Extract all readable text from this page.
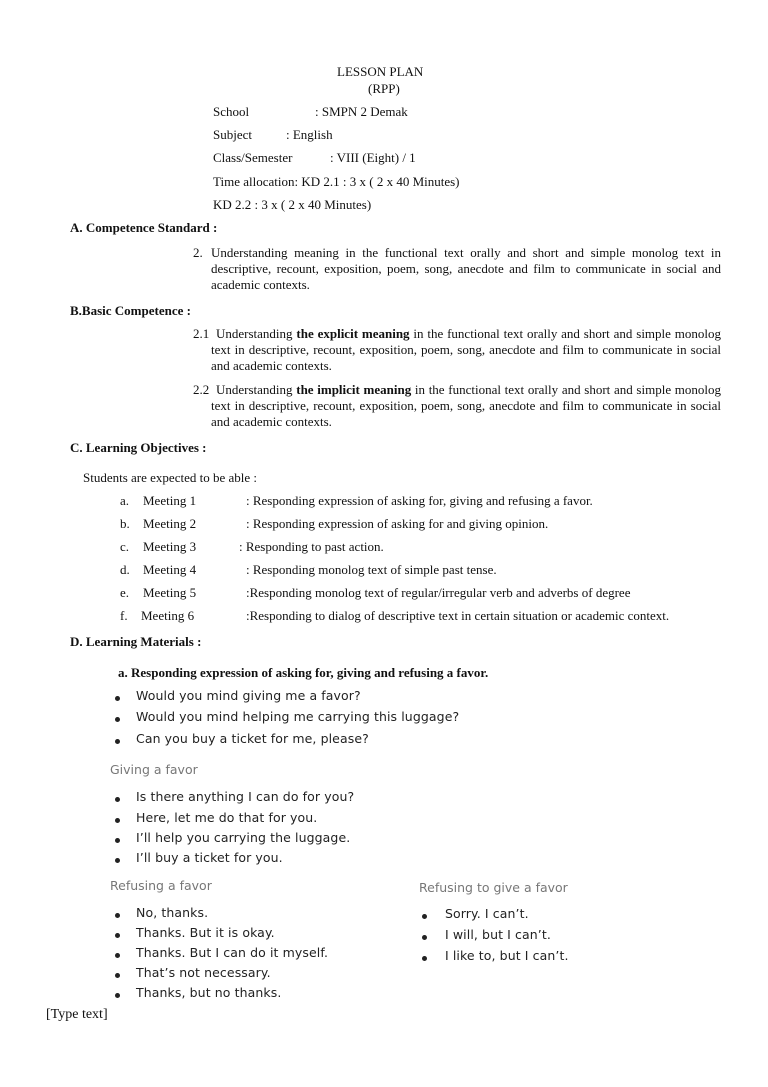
LESSON PLAN
(RPP)
School	: SMPN 2 Demak
Subject	: English
Class/Semester	: VIII (Eight) / 1
Time allocation: KD 2.1 : 3 x ( 2 x 40 Minutes)
KD 2.2 : 3 x ( 2 x 40 Minutes)
A. Competence Standard :
2. Understanding meaning in the functional text orally and short and simple monolog text in descriptive, recount, exposition, poem, song, anecdote and film to communicate in social and academic contexts.
B.Basic Competence :
2.1 Understanding the explicit meaning in the functional text orally and short and simple monolog text in descriptive, recount, exposition, poem, song, anecdote and film to communicate in social and academic contexts.
2.2 Understanding the implicit meaning in the functional text orally and short and simple monolog text in descriptive, recount, exposition, poem, song, anecdote and film to communicate in social and academic contexts.
C. Learning Objectives :
Students are expected to be able :
a. Meeting 1	: Responding expression of asking for, giving and refusing a favor.
b. Meeting 2	: Responding expression of asking for and giving opinion.
c. Meeting 3	: Responding to past action.
d. Meeting 4	: Responding monolog text of simple past tense.
e. Meeting 5	:Responding monolog text of regular/irregular verb and adverbs of degree
f. Meeting 6	:Responding to dialog of descriptive text in certain situation or academic context.
D. Learning Materials :
a. Responding expression of asking for, giving and refusing a favor.
Would you mind giving me a favor?
Would you mind helping me carrying this luggage?
Can you buy a ticket for me, please?
Giving a favor
Is there anything I can do for you?
Here, let me do that for you.
I’ll help you carrying the luggage.
I’ll buy a ticket for you.
Refusing a favor
No, thanks.
Thanks. But it is okay.
Thanks. But I can do it myself.
That’s not necessary.
Thanks, but no thanks.
Refusing to give a favor
Sorry. I can’t.
I will, but I can’t.
I like to, but I can’t.
[Type text]
